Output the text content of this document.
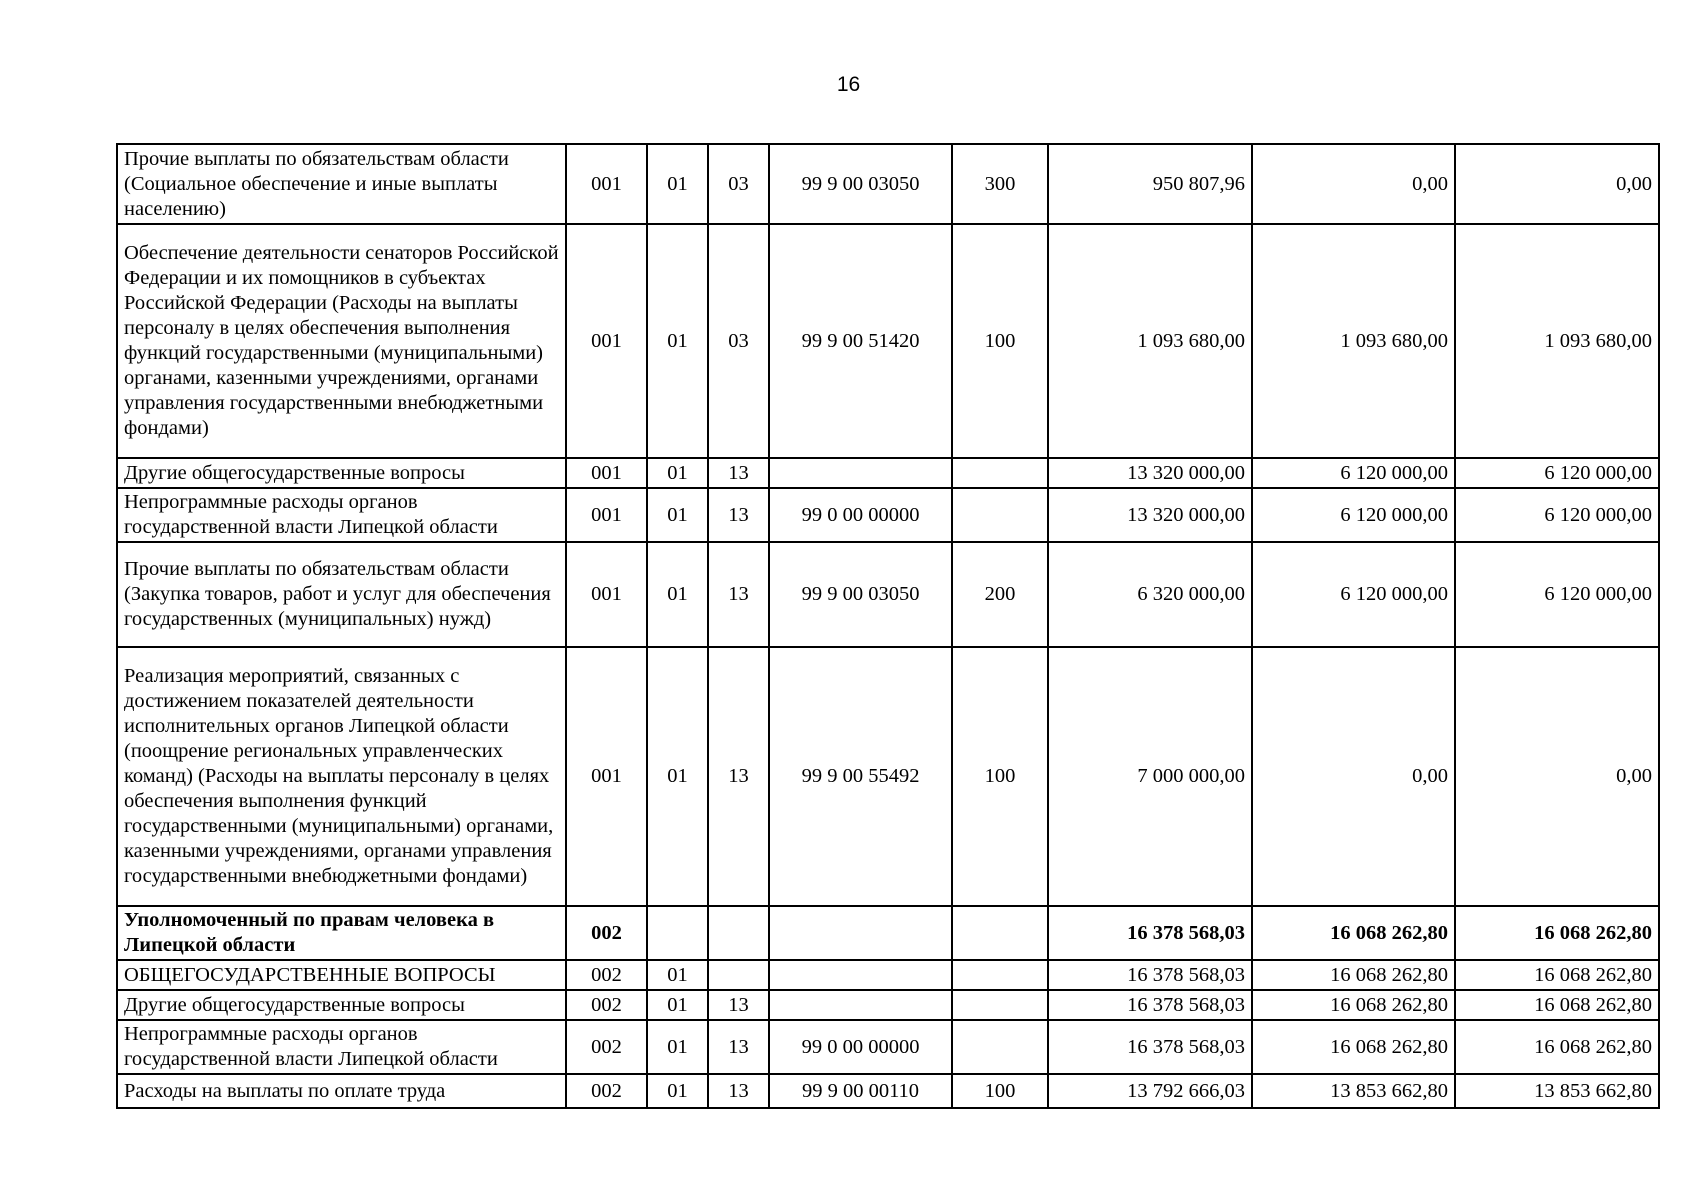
16
Прочие выплаты по обязательствам области (Социальное обеспечение и иные выплаты населению)	001	01	03	99 9 00 03050	300	950 807,96	0,00	0,00
Обеспечение деятельности сенаторов Российской Федерации и их помощников в субъектах Российской Федерации (Расходы на выплаты персоналу в целях обеспечения выполнения функций государственными (муниципальными) органами, казенными учреждениями, органами управления государственными внебюджетными фондами)	001	01	03	99 9 00 51420	100	1 093 680,00	1 093 680,00	1 093 680,00
Другие общегосударственные вопросы	001	01	13			13 320 000,00	6 120 000,00	6 120 000,00
Непрограммные расходы органов государственной власти Липецкой области	001	01	13	99 0 00 00000		13 320 000,00	6 120 000,00	6 120 000,00
Прочие выплаты по обязательствам области (Закупка товаров, работ и услуг для обеспечения государственных (муниципальных) нужд)	001	01	13	99 9 00 03050	200	6 320 000,00	6 120 000,00	6 120 000,00
Реализация мероприятий, связанных с достижением показателей деятельности исполнительных органов Липецкой области (поощрение региональных управленческих команд) (Расходы на выплаты персоналу в целях обеспечения выполнения функций государственными (муниципальными) органами, казенными учреждениями, органами управления государственными внебюджетными фондами)	001	01	13	99 9 00 55492	100	7 000 000,00	0,00	0,00
Уполномоченный по правам человека в Липецкой области	002					16 378 568,03	16 068 262,80	16 068 262,80
ОБЩЕГОСУДАРСТВЕННЫЕ ВОПРОСЫ	002	01				16 378 568,03	16 068 262,80	16 068 262,80
Другие общегосударственные вопросы	002	01	13			16 378 568,03	16 068 262,80	16 068 262,80
Непрограммные расходы органов государственной власти Липецкой области	002	01	13	99 0 00 00000		16 378 568,03	16 068 262,80	16 068 262,80
Расходы на выплаты по оплате труда	002	01	13	99 9 00 00110	100	13 792 666,03	13 853 662,80	13 853 662,80
